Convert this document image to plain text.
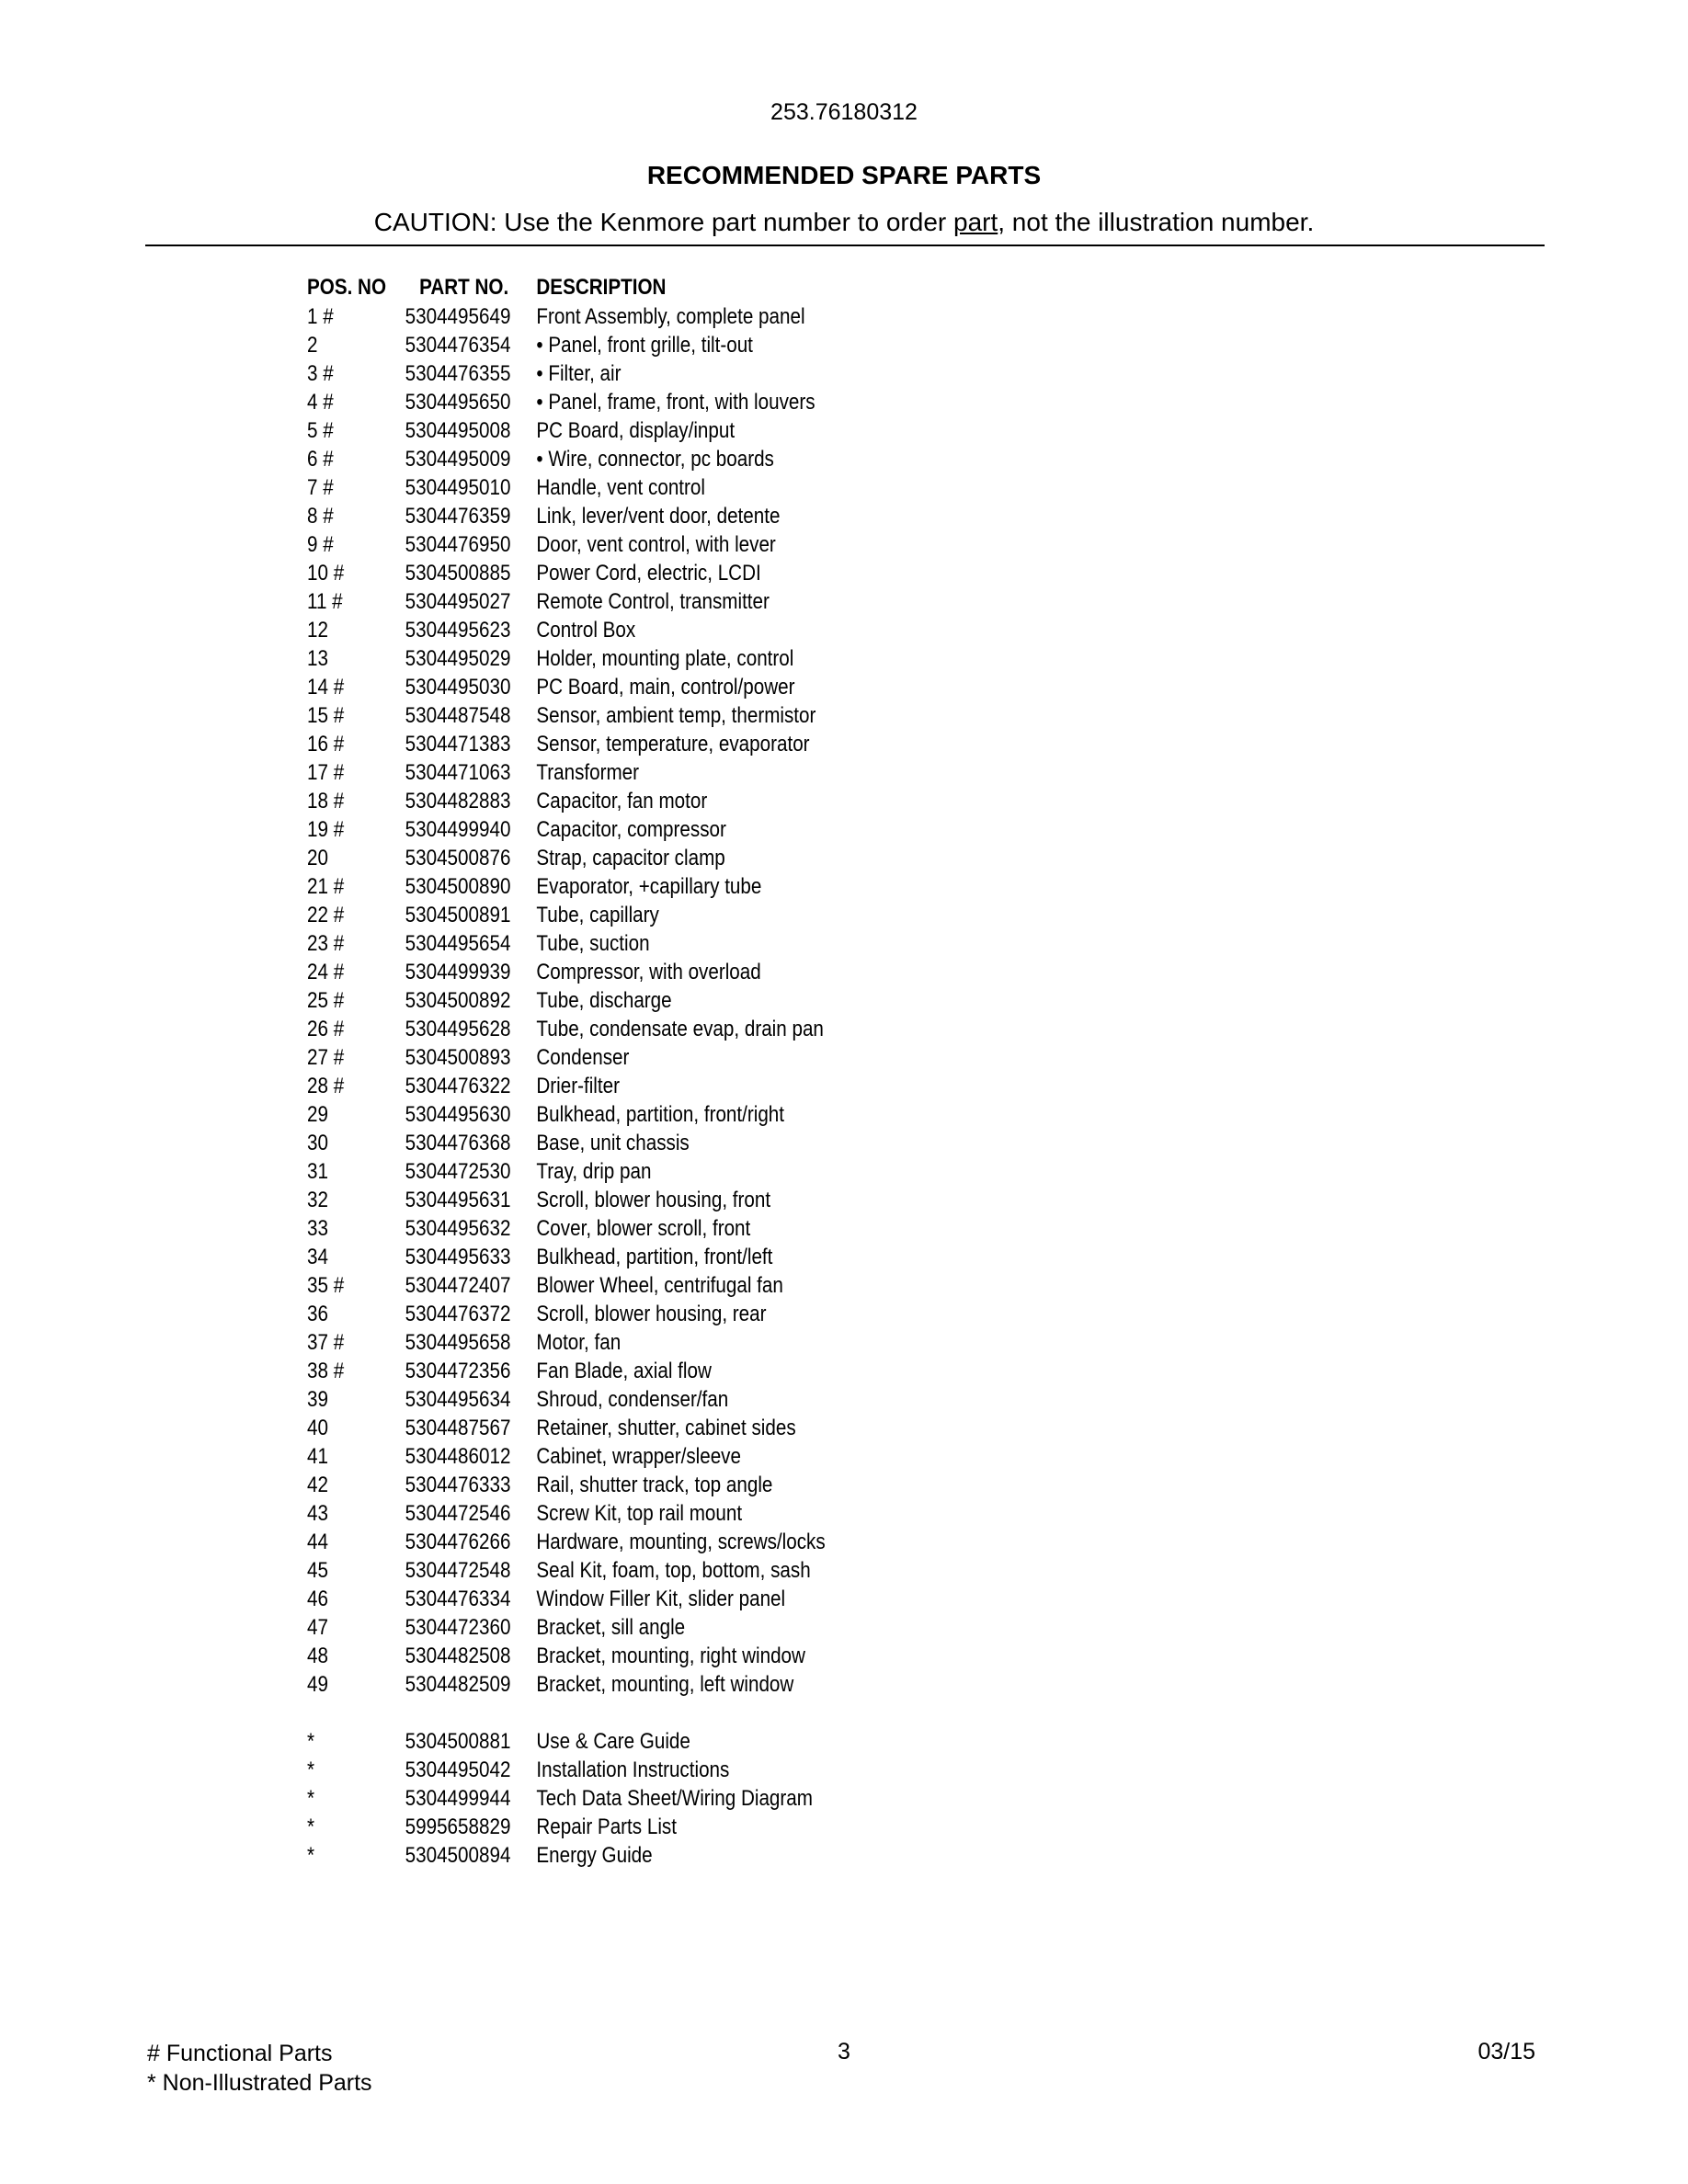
253.76180312
RECOMMENDED SPARE PARTS
CAUTION: Use the Kenmore part number to order part, not the illustration number.
POS. NO PART NO. DESCRIPTION
1 #	5304495649 Front Assembly, complete panel
2	5304476354 • Panel, front grille, tilt-out
3 #	5304476355 • Filter, air
4 #	5304495650 • Panel, frame, front, with louvers
5 #	5304495008 PC Board, display/input
6 #	5304495009 • Wire, connector, pc boards
7 #	5304495010 Handle, vent control
8 #	5304476359 Link, lever/vent door, detente
9 #	5304476950 Door, vent control, with lever
10 #	5304500885 Power Cord, electric, LCDI
11 #	5304495027 Remote Control, transmitter
12	5304495623 Control Box
13	5304495029 Holder, mounting plate, control
14 #	5304495030 PC Board, main, control/power
15 #	5304487548 Sensor, ambient temp, thermistor
16 #	5304471383 Sensor, temperature, evaporator
17 #	5304471063 Transformer
18 #	5304482883 Capacitor, fan motor
19 #	5304499940 Capacitor, compressor
20	5304500876 Strap, capacitor clamp
21 #	5304500890 Evaporator, +capillary tube
22 #	5304500891 Tube, capillary
23 #	5304495654 Tube, suction
24 #	5304499939 Compressor, with overload
25 #	5304500892 Tube, discharge
26 #	5304495628 Tube, condensate evap, drain pan
27 #	5304500893 Condenser
28 #	5304476322 Drier-filter
29	5304495630 Bulkhead, partition, front/right
30	5304476368 Base, unit chassis
31	5304472530 Tray, drip pan
32	5304495631 Scroll, blower housing, front
33	5304495632 Cover, blower scroll, front
34	5304495633 Bulkhead, partition, front/left
35 #	5304472407 Blower Wheel, centrifugal fan
36	5304476372 Scroll, blower housing, rear
37 #	5304495658 Motor, fan
38 #	5304472356 Fan Blade, axial flow
39	5304495634 Shroud, condenser/fan
40	5304487567 Retainer, shutter, cabinet sides
41	5304486012 Cabinet, wrapper/sleeve
42	5304476333 Rail, shutter track, top angle
43	5304472546 Screw Kit, top rail mount
44	5304476266 Hardware, mounting, screws/locks
45	5304472548 Seal Kit, foam, top, bottom, sash
46	5304476334 Window Filler Kit, slider panel
47	5304472360 Bracket, sill angle
48	5304482508 Bracket, mounting, right window
49	5304482509 Bracket, mounting, left window
*	5304500881 Use & Care Guide
*	5304495042 Installation Instructions
*	5304499944 Tech Data Sheet/Wiring Diagram
*	5995658829 Repair Parts List
*	5304500894 Energy Guide
# Functional Parts
* Non-Illustrated Parts
3	03/15
